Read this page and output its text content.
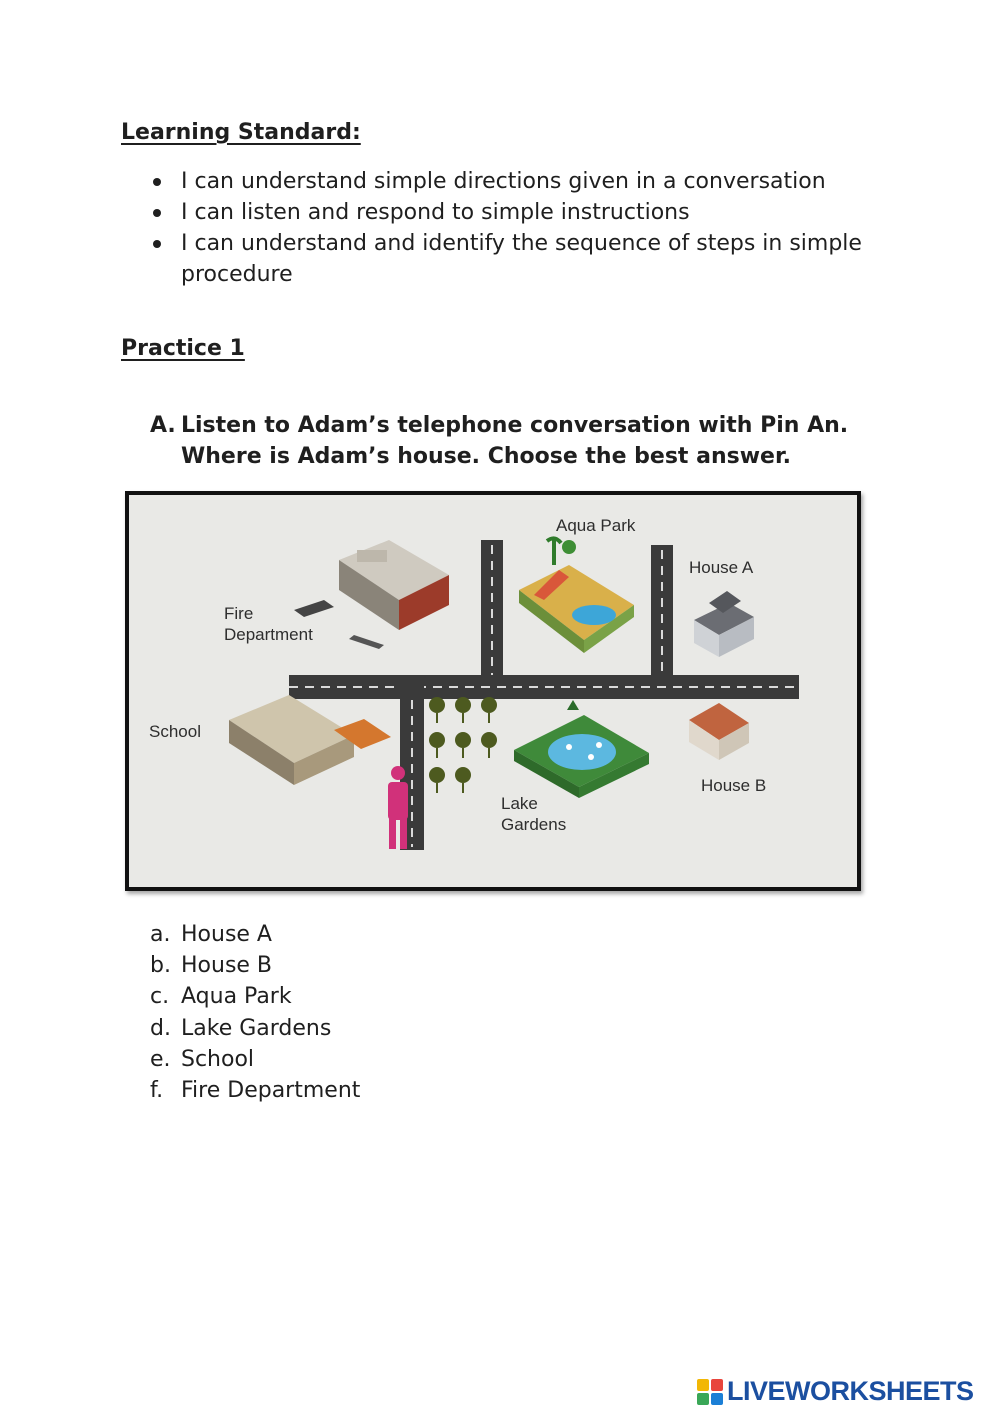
Learning Standard:
I can understand simple directions given in a conversation
I can listen and respond to simple instructions
I can understand and identify the sequence of steps in simple procedure
Practice 1
A. Listen to Adam’s telephone conversation with Pin An. Where is Adam’s house. Choose the best answer.
Aqua Park
House A
Fire
Department
School
Lake
Gardens
House B
a. House A
b. House B
c. Aqua Park
d. Lake Gardens
e. School
f. Fire Department
LIVEWORKSHEETS
